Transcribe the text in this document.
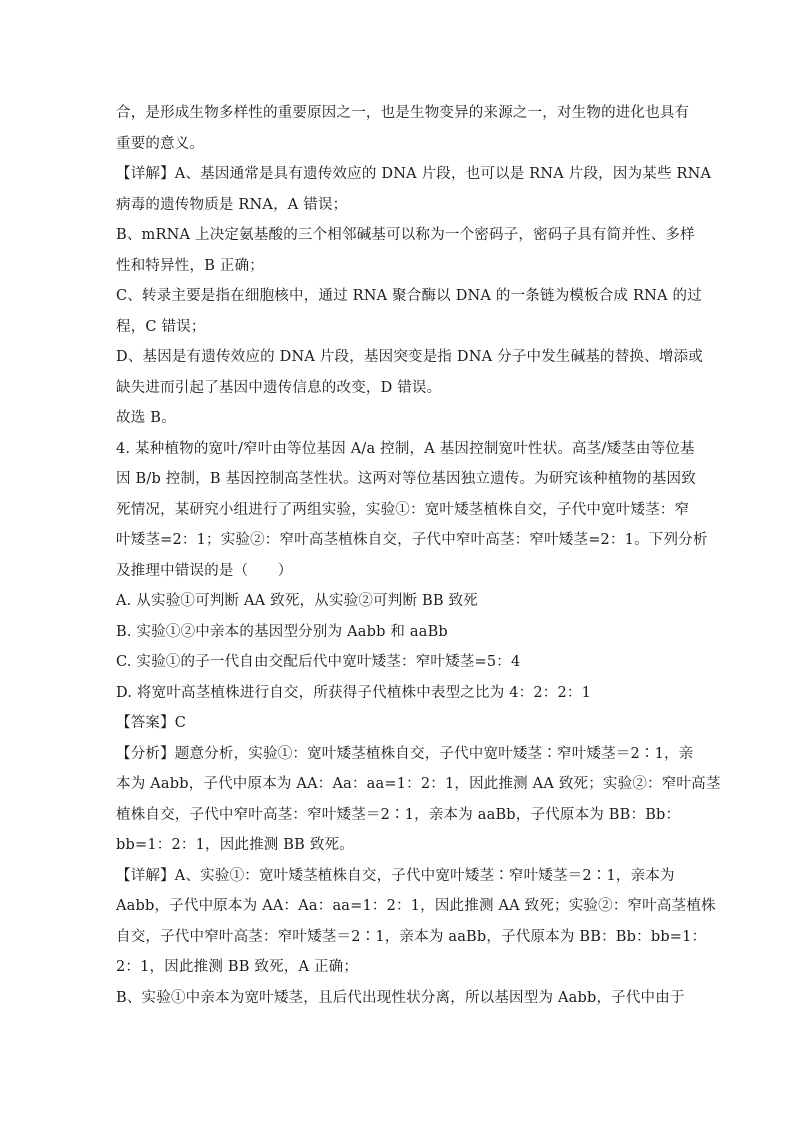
合，是形成生物多样性的重要原因之一，也是生物变异的来源之一，对生物的进化也具有
重要的意义。
【详解】A、基因通常是具有遗传效应的 DNA 片段，也可以是 RNA 片段，因为某些 RNA
病毒的遗传物质是 RNA，A 错误；
B、mRNA 上决定氨基酸的三个相邻碱基可以称为一个密码子，密码子具有简并性、多样
性和特异性，B 正确；
C、转录主要是指在细胞核中，通过 RNA 聚合酶以 DNA 的一条链为模板合成 RNA 的过
程，C 错误；
D、基因是有遗传效应的 DNA 片段，基因突变是指 DNA 分子中发生碱基的替换、增添或
缺失进而引起了基因中遗传信息的改变，D 错误。
故选 B。
4. 某种植物的宽叶/窄叶由等位基因 A/a 控制，A 基因控制宽叶性状。高茎/矮茎由等位基
因 B/b 控制，B 基因控制高茎性状。这两对等位基因独立遗传。为研究该种植物的基因致
死情况，某研究小组进行了两组实验，实验①：宽叶矮茎植株自交，子代中宽叶矮茎：窄
叶矮茎=2：1；实验②：窄叶高茎植株自交，子代中窄叶高茎：窄叶矮茎=2：1。下列分析
及推理中错误的是（　　）
A. 从实验①可判断 AA 致死，从实验②可判断 BB 致死
B. 实验①②中亲本的基因型分别为 Aabb 和 aaBb
C. 实验①的子一代自由交配后代中宽叶矮茎：窄叶矮茎=5：4
D. 将宽叶高茎植株进行自交，所获得子代植株中表型之比为 4：2：2：1
【答案】C
【分析】题意分析，实验①：宽叶矮茎植株自交，子代中宽叶矮茎∶窄叶矮茎＝2∶1，亲
本为 Aabb，子代中原本为 AA：Aa：aa=1：2：1，因此推测 AA 致死；实验②：窄叶高茎
植株自交，子代中窄叶高茎：窄叶矮茎＝2∶1，亲本为 aaBb，子代原本为 BB：Bb：
bb=1：2：1，因此推测 BB 致死。
【详解】A、实验①：宽叶矮茎植株自交，子代中宽叶矮茎∶窄叶矮茎＝2∶1，亲本为
Aabb，子代中原本为 AA：Aa：aa=1：2：1，因此推测 AA 致死；实验②：窄叶高茎植株
自交，子代中窄叶高茎：窄叶矮茎＝2∶1，亲本为 aaBb，子代原本为 BB：Bb：bb=1：
2：1，因此推测 BB 致死，A 正确；
B、实验①中亲本为宽叶矮茎，且后代出现性状分离，所以基因型为 Aabb，子代中由于
